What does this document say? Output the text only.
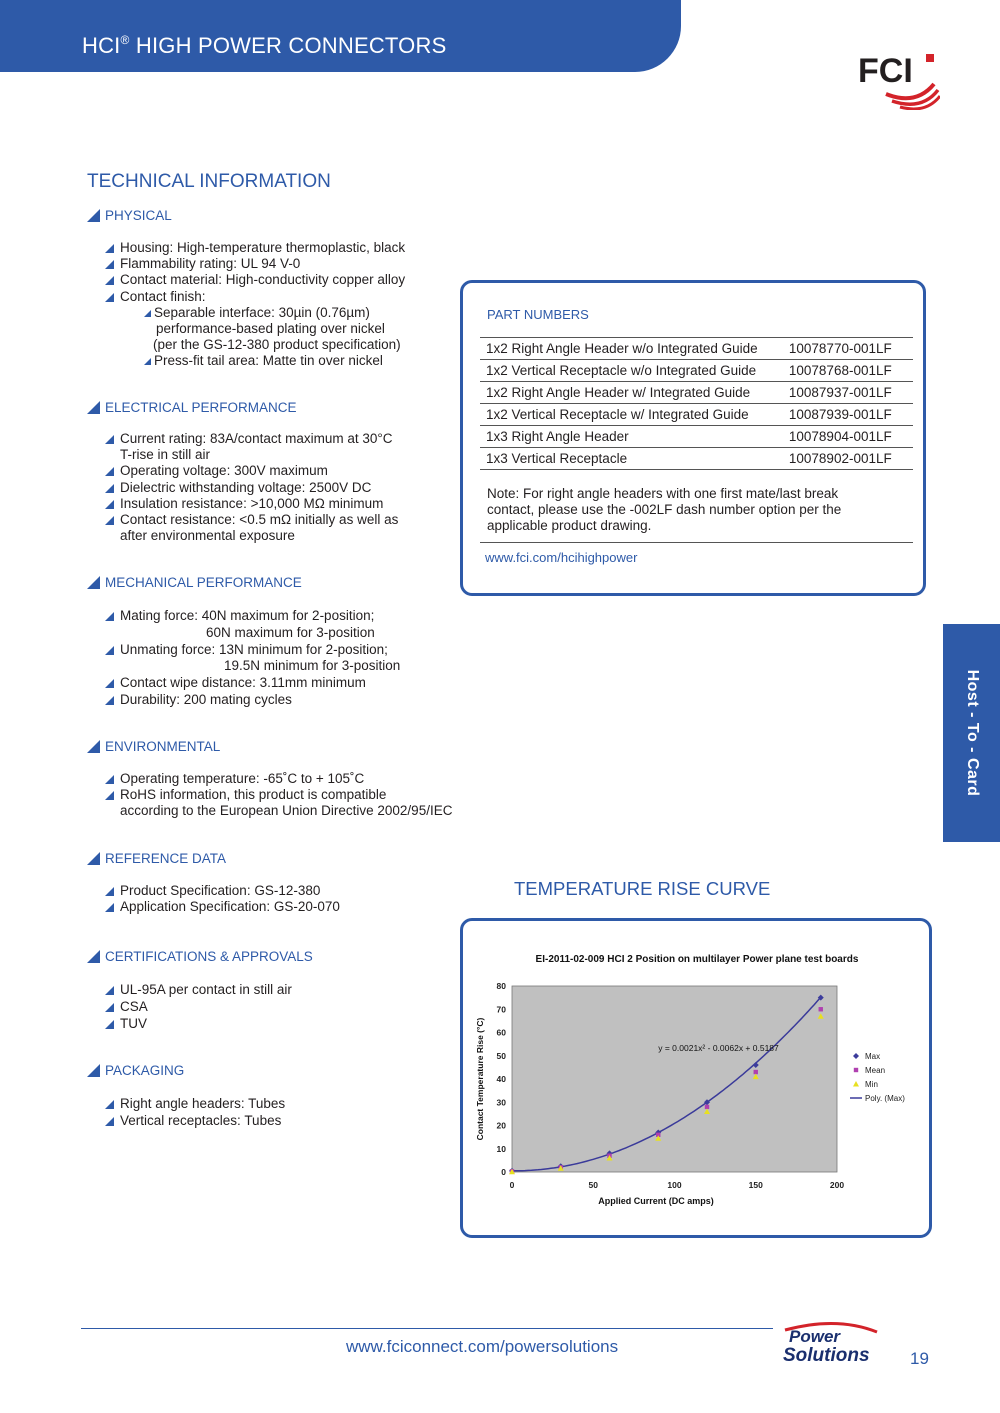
HCI® HIGH POWER CONNECTORS
FCI
Host - To - Card
TECHNICAL INFORMATION
PHYSICAL
Housing: High-temperature thermoplastic, black
Flammability rating: UL 94 V-0
Contact material: High-conductivity copper alloy
Contact finish:
Separable interface: 30µin (0.76µm)
performance-based plating over nickel
(per the GS-12-380 product specification)
Press-fit tail area: Matte tin over nickel
ELECTRICAL PERFORMANCE
Current rating: 83A/contact maximum at 30°C
T-rise in still air
Operating voltage: 300V maximum
Dielectric withstanding voltage: 2500V DC
Insulation resistance: >10,000 MΩ minimum
Contact resistance: <0.5 mΩ initially as well as
after environmental exposure
MECHANICAL PERFORMANCE
Mating force: 40N maximum for 2-position;
60N maximum for 3-position
Unmating force: 13N minimum for 2-position;
19.5N minimum for 3-position
Contact wipe distance: 3.11mm minimum
Durability: 200 mating cycles
ENVIRONMENTAL
Operating temperature: -65˚C to + 105˚C
RoHS information, this product is compatible
according to the European Union Directive 2002/95/IEC
REFERENCE DATA
Product Specification: GS-12-380
Application Specification: GS-20-070
CERTIFICATIONS & APPROVALS
UL-95A per contact in still air
CSA
TUV
PACKAGING
Right angle headers: Tubes
Vertical receptacles: Tubes
PART NUMBERS
1x2 Right Angle Header w/o Integrated Guide	10078770-001LF
1x2 Vertical Receptacle w/o Integrated Guide	10078768-001LF
1x2 Right Angle Header w/ Integrated Guide	10087937-001LF
1x2 Vertical Receptacle w/ Integrated Guide	10087939-001LF
1x3 Right Angle Header	10078904-001LF
1x3 Vertical Receptacle	10078902-001LF
Note: For right angle headers with one first mate/last break contact, please use the -002LF dash number option per the applicable product drawing.
www.fci.com/hcihighpower
TEMPERATURE RISE CURVE
EI-2011-02-009 HCI 2 Position on multilayer Power plane test boards
0
10
20
30
40
50
60
70
80
0	50	100	150	200
Applied Current (DC amps)
Contact Temperature Rise (°C)	y = 0.0021x² - 0.0062x + 0.5187
Max
Mean
Min
Poly. (Max)
www.fciconnect.com/powersolutions
Power
Solutions 19
